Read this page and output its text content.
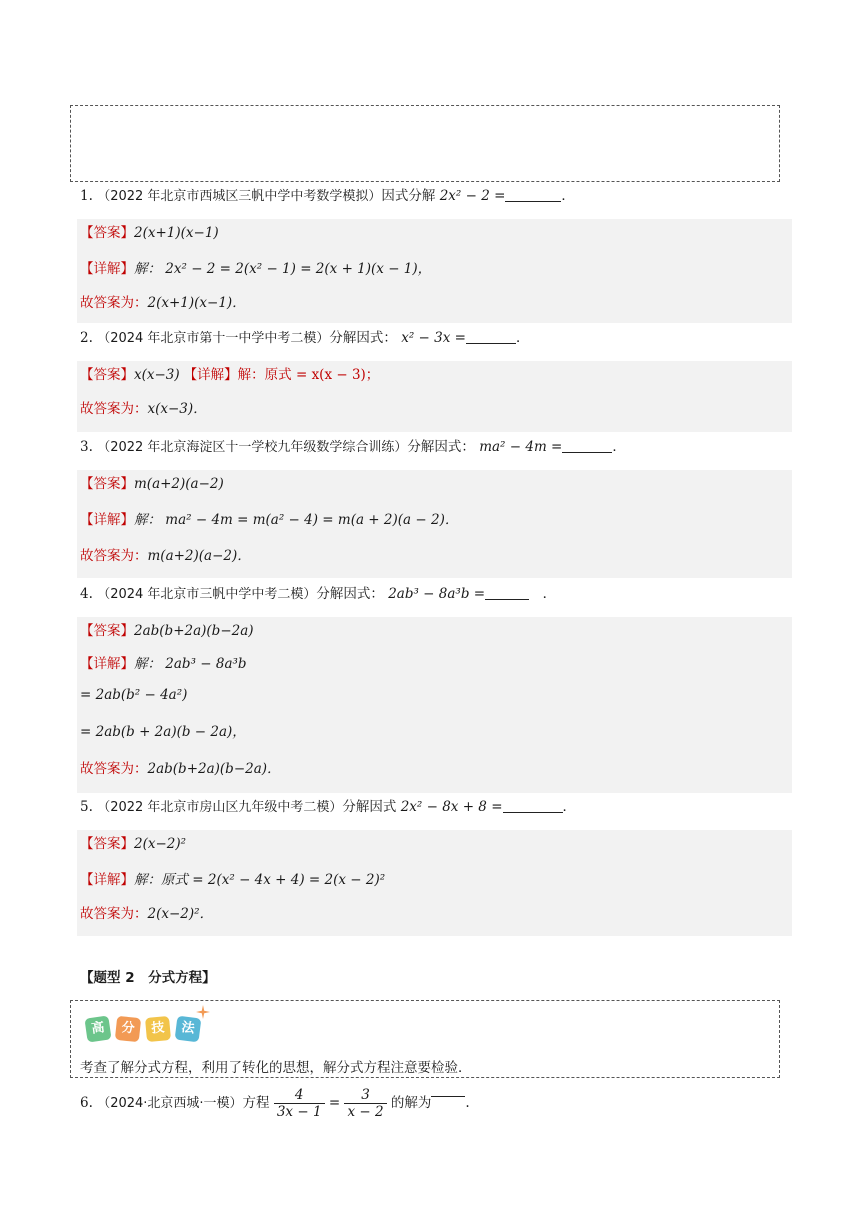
1. （2022 年北京市西城区三帆中学中考数学模拟）因式分解 2x² − 2 =	．
【答案】2(x+1)(x−1)
【详解】解： 2x² − 2 = 2(x² − 1) = 2(x + 1)(x − 1)，
故答案为：2(x+1)(x−1)．
2. （2024 年北京市第十一中学中考二模）分解因式： x² − 3x =	．
【答案】x(x−3) 【详解】解：原式 = x(x − 3)；
故答案为：x(x−3)．
3. （2022 年北京海淀区十一学校九年级数学综合训练）分解因式： ma² − 4m =	．
【答案】m(a+2)(a−2)
【详解】解： ma² − 4m = m(a² − 4) = m(a + 2)(a − 2)．
故答案为：m(a+2)(a−2)．
4. （2024 年北京市三帆中学中考二模）分解因式： 2ab³ − 8a³b =	　．
【答案】2ab(b+2a)(b−2a)
【详解】解： 2ab³ − 8a³b
= 2ab(b² − 4a²)
= 2ab(b + 2a)(b − 2a)，
故答案为：2ab(b+2a)(b−2a)．
5. （2022 年北京市房山区九年级中考二模）分解因式 2x² − 8x + 8 =	．
【答案】2(x−2)²
【详解】解：原式 = 2(x² − 4x + 4) = 2(x − 2)²
故答案为：2(x−2)²．
【题型 2　分式方程】
高	分	技	法
考查了解分式方程，利用了转化的思想，解分式方程注意要检验．
6. （2024·北京西城·一模）方程 $\frac{4}{3x - 1} = \frac{3}{x - 2}$ 的解为	.
